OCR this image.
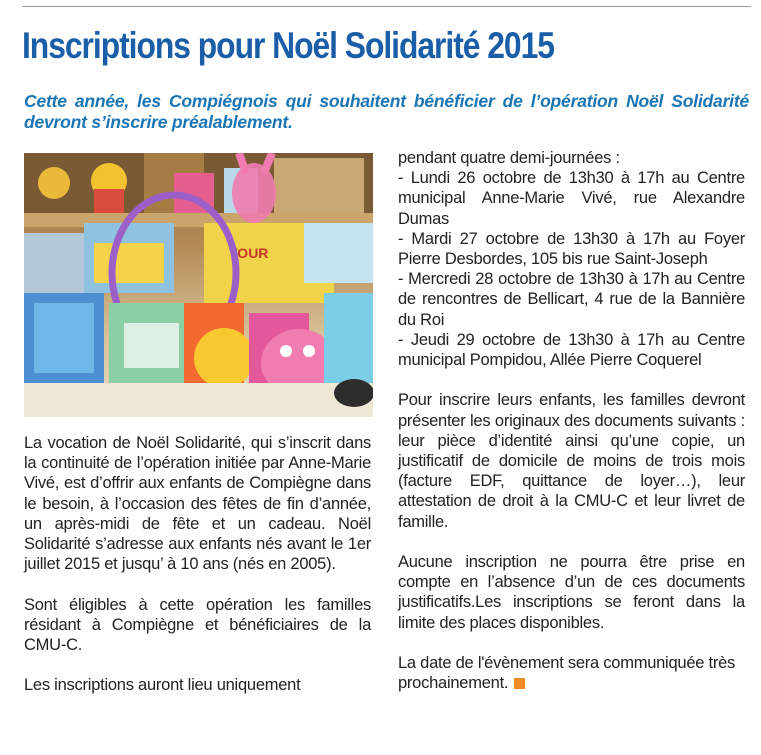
Inscriptions pour Noël Solidarité 2015

Cette année, les Compiégnois qui souhaitent bénéficier de l’opération Noël Solidarité devront s’inscrire préalablement.

TOUR

La vocation de Noël Solidarité, qui s’inscrit dans la continuité de l’opération initiée par Anne-Marie Vivé, est d’offrir aux enfants de Compiègne dans le besoin, à l’occasion des fêtes de fin d’année, un après-midi de fête et un cadeau. Noël Solidarité s’adresse aux enfants nés avant le 1er juillet 2015 et jusqu’ à 10 ans (nés en 2005).

Sont éligibles à cette opération les familles résidant à Compiègne et bénéficiaires de la CMU-C.

Les inscriptions auront lieu uniquement

pendant quatre demi-journées :

- Lundi 26 octobre de 13h30 à 17h au Centre municipal Anne-Marie Vivé, rue Alexandre Dumas
- Mardi 27 octobre de 13h30 à 17h au Foyer Pierre Desbordes, 105 bis rue Saint-Joseph
- Mercredi 28 octobre de 13h30 à 17h au Centre de rencontres de Bellicart, 4 rue de la Bannière du Roi
- Jeudi 29 octobre de 13h30 à 17h au Centre municipal Pompidou, Allée Pierre Coquerel

Pour inscrire leurs enfants, les familles devront présenter les originaux des documents suivants : leur pièce d’identité ainsi qu’une copie, un justificatif de domicile de moins de trois mois (facture EDF, quittance de loyer…), leur attestation de droit à la CMU-C et leur livret de famille.

Aucune inscription ne pourra être prise en compte en l’absence d’un de ces documents justificatifs.Les inscriptions se feront dans la limite des places disponibles.

La date de l'évènement sera communiquée très prochainement.
